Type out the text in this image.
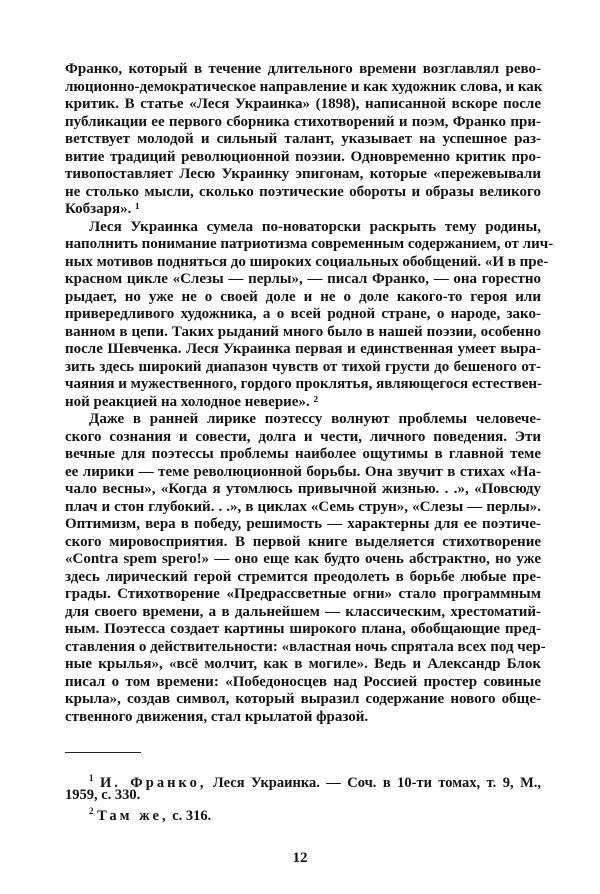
Франко, который в течение длительного времени возглавлял рево-
люционно-демократическое направление и как художник слова, и как
критик. В статье «Леся Украинка» (1898), написанной вскоре после
публикации ее первого сборника стихотворений и поэм, Франко при-
ветствует молодой и сильный талант, указывает на успешное раз-
витие традиций революционной поэзии. Одновременно критик про-
тивопоставляет Лесю Украинку эпигонам, которые «пережевывали
не столько мысли, сколько поэтические обороты и образы великого
Кобзаря». ¹
Леся Украинка сумела по-новаторски раскрыть тему родины,
наполнить понимание патриотизма современным содержанием, от лич-
ных мотивов подняться до широких социальных обобщений. «И в пре-
красном цикле «Слезы — перлы», — писал Франко, — она горестно
рыдает, но уже не о своей доле и не о доле какого-то героя или
привередливого художника, а о всей родной стране, о народе, зако-
ванном в цепи. Таких рыданий много было в нашей поэзии, особенно
после Шевченка. Леся Украинка первая и единственная умеет выра-
зить здесь широкий диапазон чувств от тихой грусти до бешеного от-
чаяния и мужественного, гордого проклятья, являющегося естествен-
ной реакцией на холодное неверие». ²
Даже в ранней лирике поэтессу волнуют проблемы человече-
ского сознания и совести, долга и чести, личного поведения. Эти
вечные для поэтессы проблемы наиболее ощутимы в главной теме
ее лирики — теме революционной борьбы. Она звучит в стихах «На-
чало весны», «Когда я утомлюсь привычной жизнью. . .», «Повсюду
плач и стон глубокий. . .», в циклах «Семь струн», «Слезы — перлы».
Оптимизм, вера в победу, решимость — характерны для ее поэтиче-
ского мировосприятия. В первой книге выделяется стихотворение
«Contra spem spero!» — оно еще как будто очень абстрактно, но уже
здесь лирический герой стремится преодолеть в борьбе любые пре-
грады. Стихотворение «Предрассветные огни» стало программным
для своего времени, а в дальнейшем — классическим, хрестоматий-
ным. Поэтесса создает картины широкого плана, обобщающие пред-
ставления о действительности: «властная ночь спрятала всех под чер-
ные крылья», «всё молчит, как в могиле». Ведь и Александр Блок
писал о том времени: «Победоносцев над Россией простер совиные
крыла», создав символ, который выразил содержание нового обще-
ственного движения, стал крылатой фразой.
$^1$ И. Франко, Леся Украинка. — Соч. в 10-ти томах, т. 9, М.,
1959, с. 330.
$^2$ Там же, с. 316.
12
